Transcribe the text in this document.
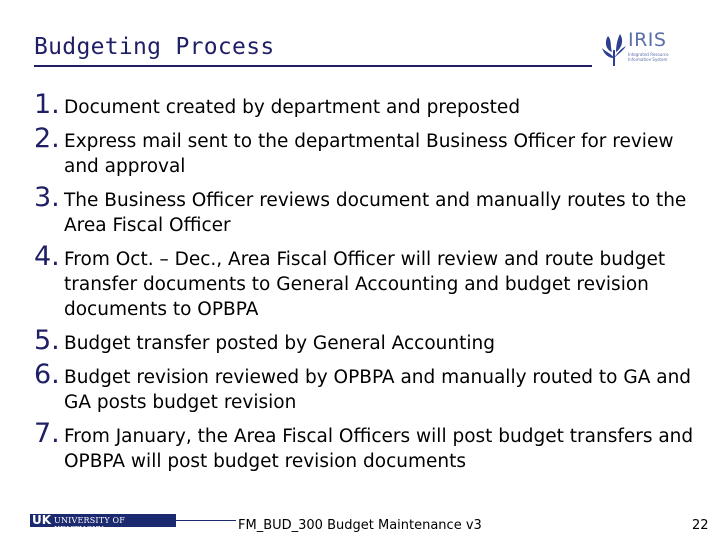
Budgeting Process	IRIS
Integrated Resource Information System
1. Document created by department and preposted
2. Express mail sent to the departmental Business Officer for review and approval
3. The Business Officer reviews document and manually routes to the Area Fiscal Officer
4. From Oct. – Dec., Area Fiscal Officer will review and route budget transfer documents to General Accounting and budget revision documents to OPBPA
5. Budget transfer posted by General Accounting
6. Budget revision reviewed by OPBPA and manually routed to GA and GA posts budget revision
7. From January, the Area Fiscal Officers will post budget transfers and OPBPA will post budget revision documents
UK UNIVERSITY OF KENTUCKY	FM_BUD_300 Budget Maintenance v3	22
